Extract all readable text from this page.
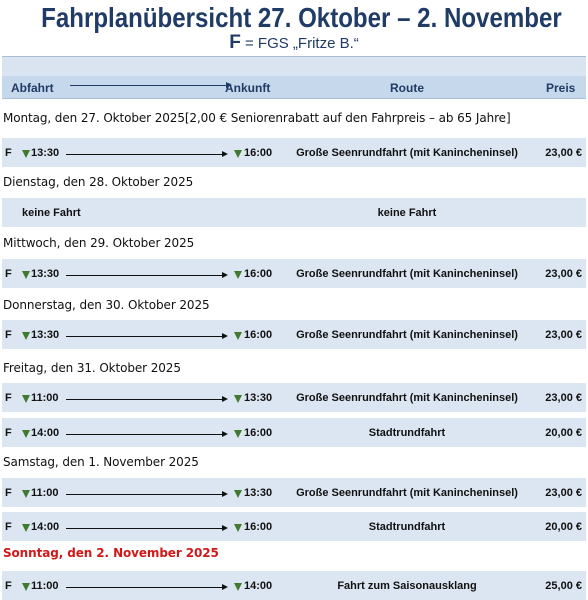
Fahrplanübersicht 27. Oktober – 2. November
F = FGS „Fritze B.“
Abfahrt	Ankunft	Route	Preis
Montag, den 27. Oktober 2025[2,00 € Seniorenrabatt auf den Fahrpreis – ab 65 Jahre]
F 13:30	16:00	Große Seenrundfahrt (mit Kanincheninsel)	23,00 €
Dienstag, den 28. Oktober 2025
keine Fahrt	keine Fahrt
Mittwoch, den 29. Oktober 2025
F 13:30	16:00	Große Seenrundfahrt (mit Kanincheninsel)	23,00 €
Donnerstag, den 30. Oktober 2025
F 13:30	16:00	Große Seenrundfahrt (mit Kanincheninsel)	23,00 €
Freitag, den 31. Oktober 2025
F 11:00	13:30	Große Seenrundfahrt (mit Kanincheninsel)	23,00 €
F 14:00	16:00	Stadtrundfahrt	20,00 €
Samstag, den 1. November 2025
F 11:00	13:30	Große Seenrundfahrt (mit Kanincheninsel)	23,00 €
F 14:00	16:00	Stadtrundfahrt	20,00 €
Sonntag, den 2. November 2025
F 11:00	14:00	Fahrt zum Saisonausklang	25,00 €
